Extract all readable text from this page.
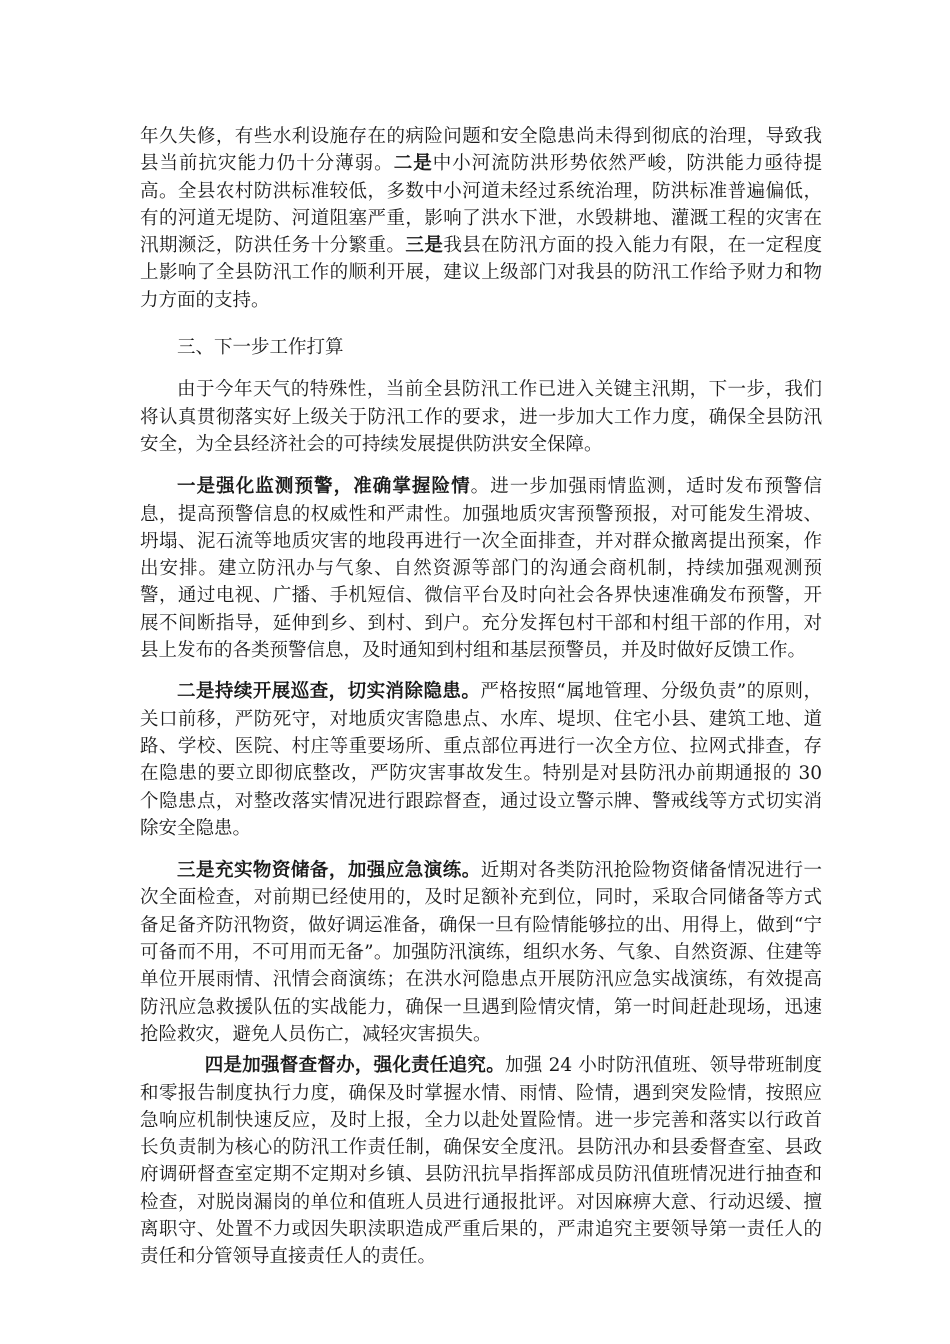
年久失修，有些水利设施存在的病险问题和安全隐患尚未得到彻底的治理，导致我县当前抗灾能力仍十分薄弱。二是中小河流防洪形势依然严峻，防洪能力亟待提高。全县农村防洪标准较低，多数中小河道未经过系统治理，防洪标准普遍偏低，有的河道无堤防、河道阻塞严重，影响了洪水下泄，水毁耕地、灌溉工程的灾害在汛期濒泛，防洪任务十分繁重。三是我县在防汛方面的投入能力有限，在一定程度上影响了全县防汛工作的顺利开展，建议上级部门对我县的防汛工作给予财力和物力方面的支持。

三、下一步工作打算

由于今年天气的特殊性，当前全县防汛工作已进入关键主汛期，下一步，我们将认真贯彻落实好上级关于防汛工作的要求，进一步加大工作力度，确保全县防汛安全，为全县经济社会的可持续发展提供防洪安全保障。

一是强化监测预警，准确掌握险情。进一步加强雨情监测，适时发布预警信息，提高预警信息的权威性和严肃性。加强地质灾害预警预报，对可能发生滑坡、坍塌、泥石流等地质灾害的地段再进行一次全面排查，并对群众撤离提出预案，作出安排。建立防汛办与气象、自然资源等部门的沟通会商机制，持续加强观测预警，通过电视、广播、手机短信、微信平台及时向社会各界快速准确发布预警，开展不间断指导，延伸到乡、到村、到户。充分发挥包村干部和村组干部的作用，对县上发布的各类预警信息，及时通知到村组和基层预警员，并及时做好反馈工作。

二是持续开展巡查，切实消除隐患。严格按照“属地管理、分级负责”的原则，关口前移，严防死守，对地质灾害隐患点、水库、堤坝、住宅小县、建筑工地、道路、学校、医院、村庄等重要场所、重点部位再进行一次全方位、拉网式排查，存在隐患的要立即彻底整改，严防灾害事故发生。特别是对县防汛办前期通报的 30 个隐患点，对整改落实情况进行跟踪督查，通过设立警示牌、警戒线等方式切实消除安全隐患。

三是充实物资储备，加强应急演练。近期对各类防汛抢险物资储备情况进行一次全面检查，对前期已经使用的，及时足额补充到位，同时，采取合同储备等方式备足备齐防汛物资，做好调运准备，确保一旦有险情能够拉的出、用得上，做到“宁可备而不用，不可用而无备”。加强防汛演练，组织水务、气象、自然资源、住建等单位开展雨情、汛情会商演练；在洪水河隐患点开展防汛应急实战演练，有效提高防汛应急救援队伍的实战能力，确保一旦遇到险情灾情，第一时间赶赴现场，迅速抢险救灾，避免人员伤亡，减轻灾害损失。

四是加强督查督办，强化责任追究。加强 24 小时防汛值班、领导带班制度和零报告制度执行力度，确保及时掌握水情、雨情、险情，遇到突发险情，按照应急响应机制快速反应，及时上报，全力以赴处置险情。进一步完善和落实以行政首长负责制为核心的防汛工作责任制，确保安全度汛。县防汛办和县委督查室、县政府调研督查室定期不定期对乡镇、县防汛抗旱指挥部成员防汛值班情况进行抽查和检查，对脱岗漏岗的单位和值班人员进行通报批评。对因麻痹大意、行动迟缓、擅离职守、处置不力或因失职渎职造成严重后果的，严肃追究主要领导第一责任人的责任和分管领导直接责任人的责任。
